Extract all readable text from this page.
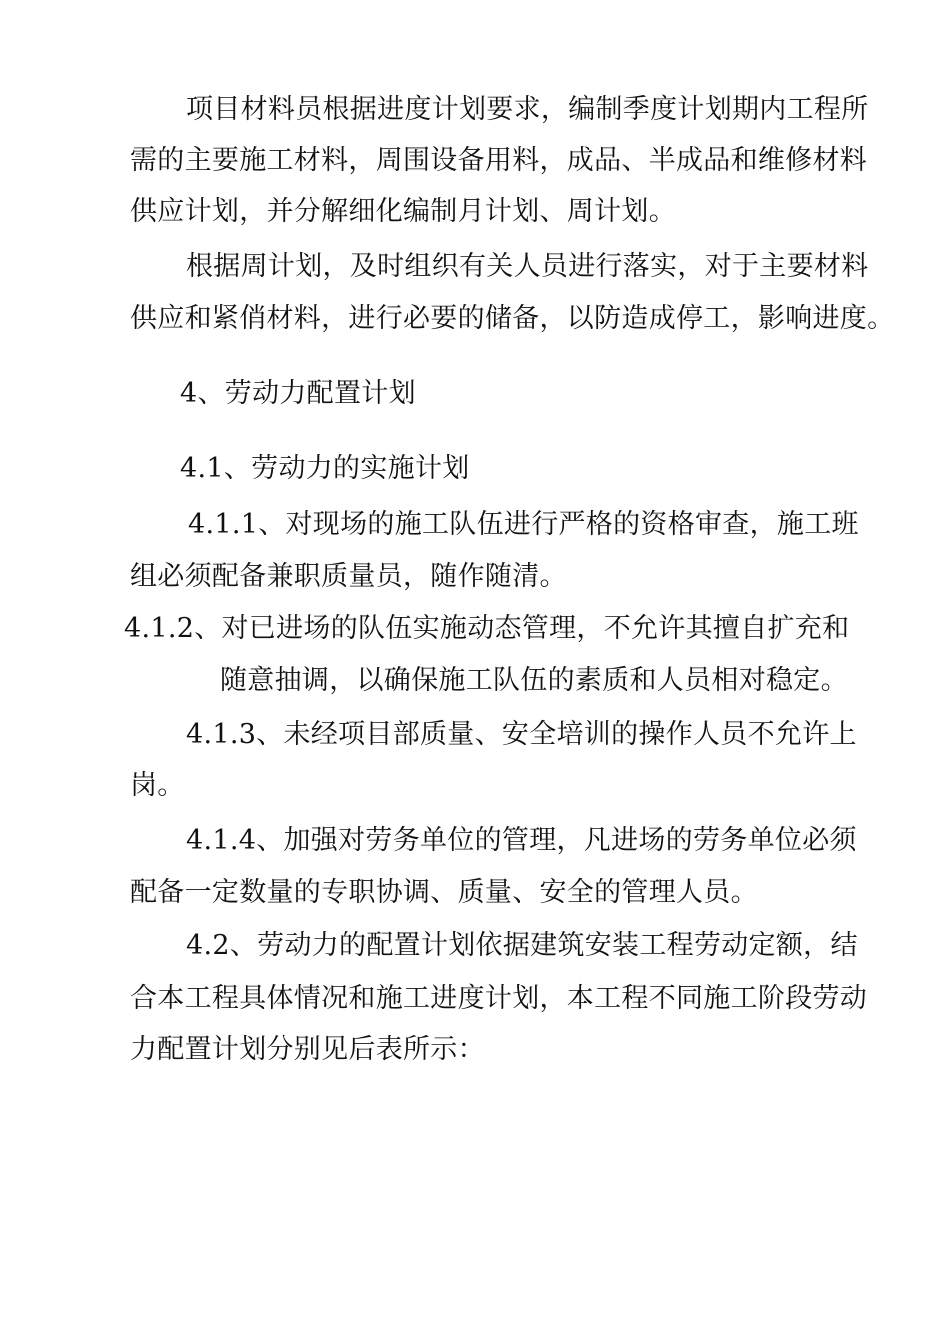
项目材料员根据进度计划要求，编制季度计划期内工程所
需的主要施工材料，周围设备用料，成品、半成品和维修材料
供应计划，并分解细化编制月计划、周计划。
根据周计划，及时组织有关人员进行落实，对于主要材料
供应和紧俏材料，进行必要的储备，以防造成停工，影响进度。
4、劳动力配置计划
4.1、劳动力的实施计划
4.1.1、对现场的施工队伍进行严格的资格审查，施工班
组必须配备兼职质量员，随作随清。
4.1.2、对已进场的队伍实施动态管理，不允许其擅自扩充和
随意抽调，以确保施工队伍的素质和人员相对稳定。
4.1.3、未经项目部质量、安全培训的操作人员不允许上
岗。
4.1.4、加强对劳务单位的管理，凡进场的劳务单位必须
配备一定数量的专职协调、质量、安全的管理人员。
4.2、劳动力的配置计划依据建筑安装工程劳动定额，结
合本工程具体情况和施工进度计划，本工程不同施工阶段劳动
力配置计划分别见后表所示：
